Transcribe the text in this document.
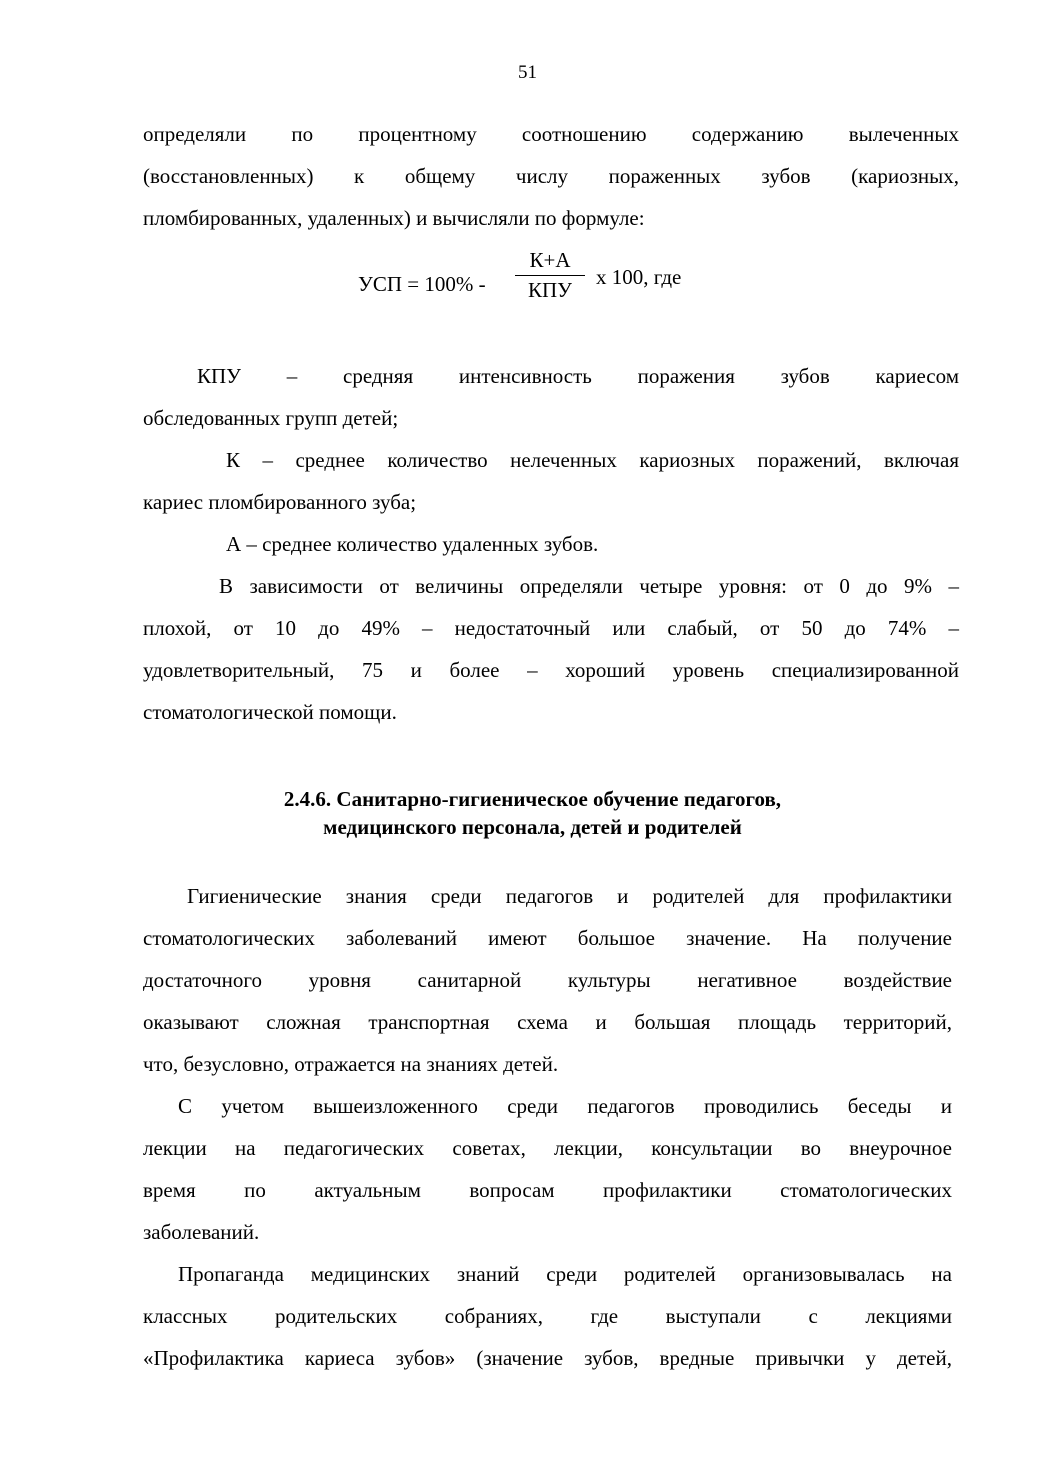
51
определяли по процентному соотношению содержанию вылеченных
(восстановленных) к общему числу пораженных зубов (кариозных,
пломбированных, удаленных) и вычисляли по формуле:
УСП = 100% -
К+А
КПУ
х 100, где
КПУ – средняя интенсивность поражения зубов кариесом
обследованных групп детей;
К – среднее количество нелеченных кариозных поражений, включая
кариес пломбированного зуба;
А – среднее количество удаленных зубов.
В зависимости от величины определяли четыре уровня: от 0 до 9% –
плохой, от 10 до 49% – недостаточный или слабый, от 50 до 74% –
удовлетворительный, 75 и более – хороший уровень специализированной
стоматологической помощи.
2.4.6. Санитарно-гигиеническое обучение педагогов,
медицинского персонала, детей и родителей
Гигиенические знания среди педагогов и родителей для профилактики
стоматологических заболеваний имеют большое значение. На получение
достаточного уровня санитарной культуры негативное воздействие
оказывают сложная транспортная схема и большая площадь территорий,
что, безусловно, отражается на знаниях детей.
С учетом вышеизложенного среди педагогов проводились беседы и
лекции на педагогических советах, лекции, консультации во внеурочное
время по актуальным вопросам профилактики стоматологических
заболеваний.
Пропаганда медицинских знаний среди родителей организовывалась на
классных родительских собраниях, где выступали с лекциями
«Профилактика кариеса зубов» (значение зубов, вредные привычки у детей,
